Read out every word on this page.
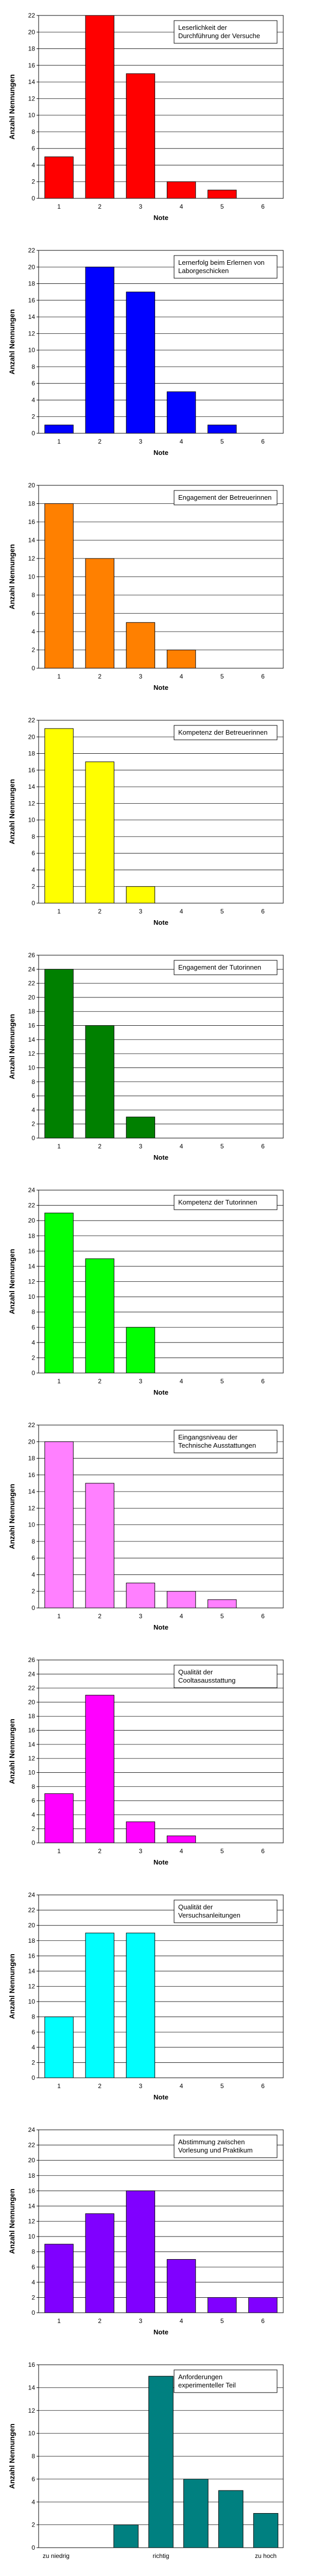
0
2
4
6
8
10
12
14
16
18
20
22
Anzahl Nennungen
1	2	3	4	5	6
Note
Leserlichkeit der Durchführung der Versuche
0
2
4
6
8
10
12
14
16
18
20
22
Anzahl Nennungen
1	2	3	4	5	6
Note
Lernerfolg beim Erlernen von Laborgeschicken
0
2
4
6
8
10
12
14
16
18
20
Anzahl Nennungen
1	2	3	4	5	6
Note
Engagement der Betreuerinnen
0
2
4
6
8
10
12
14
16
18
20
22
Anzahl Nennungen
1	2	3	4	5	6
Note
Kompetenz der Betreuerinnen
0
2
4
6
8
10
12
14
16
18
20
22
24
26
Anzahl Nennungen
1	2	3	4	5	6
Note
Engagement der Tutorinnen
0
2
4
6
8
10
12
14
16
18
20
22
24
Anzahl Nennungen
1	2	3	4	5	6
Note
Kompetenz der Tutorinnen
0
2
4
6
8
10
12
14
16
18
20
22
Anzahl Nennungen
1	2	3	4	5	6
Note
Eingangsniveau der Technische Ausstattungen
0
2
4
6
8
10
12
14
16
18
20
22
24
26
Anzahl Nennungen
1	2	3	4	5	6
Note
Qualität der Cooltasausstattung
0
2
4
6
8
10
12
14
16
18
20
22
24
Anzahl Nennungen
1	2	3	4	5	6
Note
Qualität der Versuchsanleitungen
0
2
4
6
8
10
12
14
16
18
20
22
24
Anzahl Nennungen
1	2	3	4	5	6
Note
Abstimmung zwischen Vorlesung und Praktikum
0
2
4
6
8
10
12
14
16
Anzahl Nennungen
zu niedrig	richtig	zu hoch
Anforderungen experimenteller Teil
